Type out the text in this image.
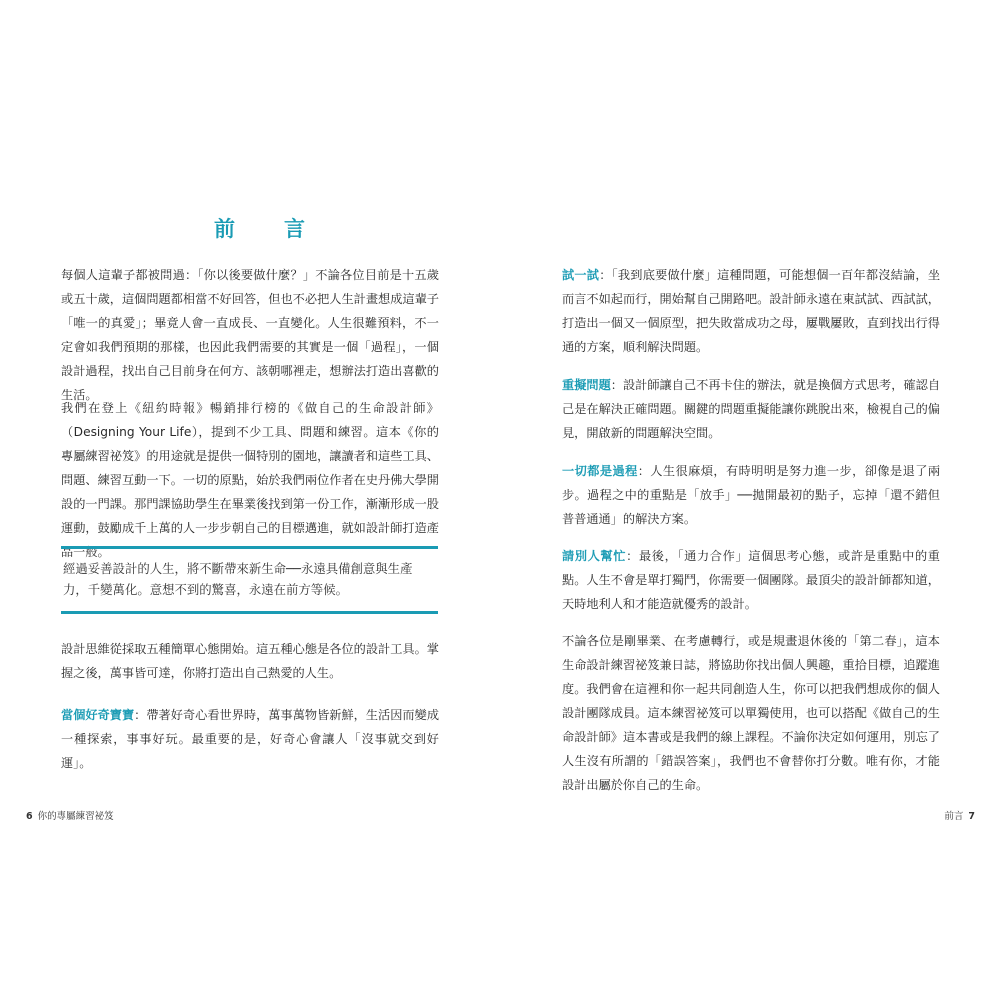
前　言

每個人這輩子都被問過：「你以後要做什麼？」不論各位目前是十五歲或五十歲，這個問題都相當不好回答，但也不必把人生計畫想成這輩子「唯一的真愛」；畢竟人會一直成長、一直變化。人生很難預料，不一定會如我們預期的那樣，也因此我們需要的其實是一個「過程」，一個設計過程，找出自己目前身在何方、該朝哪裡走，想辦法打造出喜歡的生活。

我們在登上《紐約時報》暢銷排行榜的《做自己的生命設計師》（Designing Your Life），提到不少工具、問題和練習。這本《你的專屬練習祕笈》的用途就是提供一個特別的園地，讓讀者和這些工具、問題、練習互動一下。一切的原點，始於我們兩位作者在史丹佛大學開設的一門課。那門課協助學生在畢業後找到第一份工作，漸漸形成一股運動，鼓勵成千上萬的人一步步朝自己的目標邁進，就如設計師打造產品一般。

經過妥善設計的人生，將不斷帶來新生命──永遠具備創意與生產力，千變萬化。意想不到的驚喜，永遠在前方等候。

設計思維從採取五種簡單心態開始。這五種心態是各位的設計工具。掌握之後，萬事皆可達，你將打造出自己熱愛的人生。

當個好奇寶寶：帶著好奇心看世界時，萬事萬物皆新鮮，生活因而變成一種探索，事事好玩。最重要的是，好奇心會讓人「沒事就交到好運」。

6 你的專屬練習祕笈

試一試：「我到底要做什麼」這種問題，可能想個一百年都沒結論，坐而言不如起而行，開始幫自己開路吧。設計師永遠在東試試、西試試，打造出一個又一個原型，把失敗當成功之母，屢戰屢敗，直到找出行得通的方案，順利解決問題。

重擬問題：設計師讓自己不再卡住的辦法，就是換個方式思考，確認自己是在解決正確問題。關鍵的問題重擬能讓你跳脫出來，檢視自己的偏見，開啟新的問題解決空間。

一切都是過程：人生很麻煩，有時明明是努力進一步，卻像是退了兩步。過程之中的重點是「放手」──拋開最初的點子，忘掉「還不錯但普普通通」的解決方案。

請別人幫忙：最後，「通力合作」這個思考心態，或許是重點中的重點。人生不會是單打獨鬥，你需要一個團隊。最頂尖的設計師都知道，天時地利人和才能造就優秀的設計。

不論各位是剛畢業、在考慮轉行，或是規畫退休後的「第二春」，這本生命設計練習祕笈兼日誌，將協助你找出個人興趣，重拾目標，追蹤進度。我們會在這裡和你一起共同創造人生，你可以把我們想成你的個人設計團隊成員。這本練習祕笈可以單獨使用，也可以搭配《做自己的生命設計師》這本書或是我們的線上課程。不論你決定如何運用，別忘了人生沒有所謂的「錯誤答案」，我們也不會替你打分數。唯有你，才能設計出屬於你自己的生命。

前言 7
